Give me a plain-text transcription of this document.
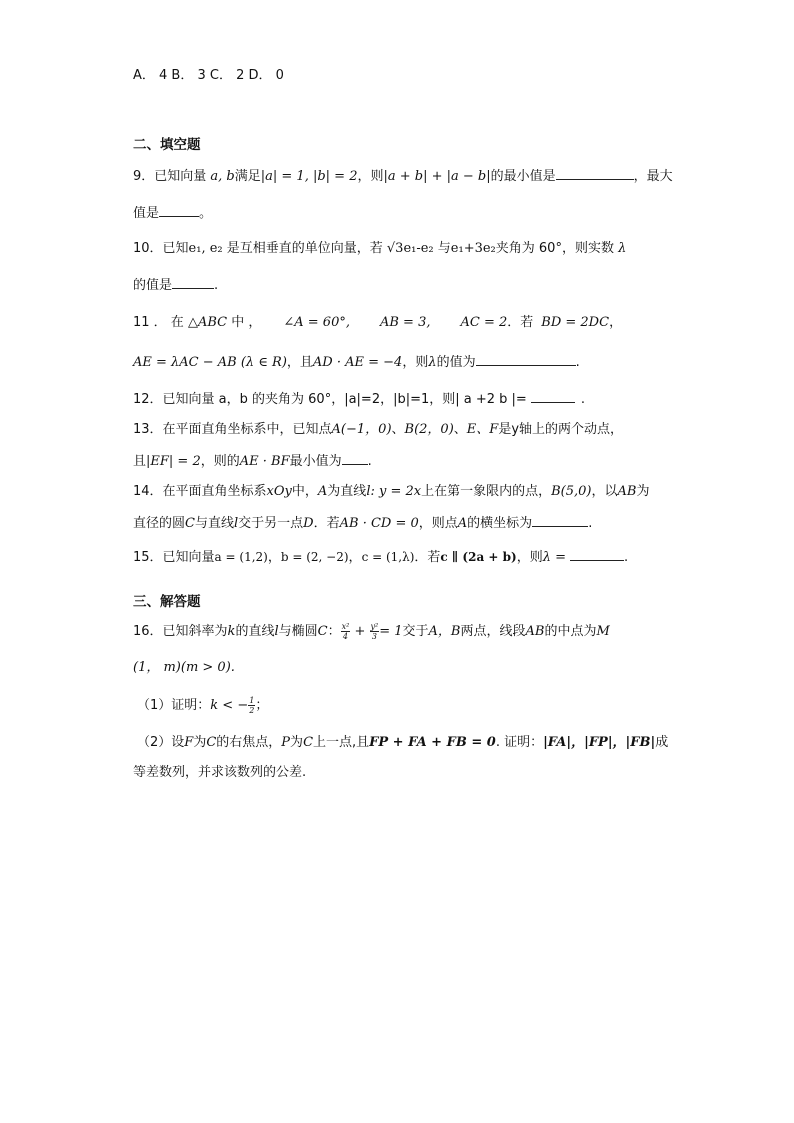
A． 4 B． 3 C． 2 D． 0
二、填空题
9．已知向量 a, b满足|a| = 1, |b| = 2，则|a + b| + |a − b|的最小值是	，最大
值是	。
10．已知e₁, e₂ 是互相垂直的单位向量，若 √3e₁-e₂ 与e₁+3e₂夹角为 60°，则实数 λ
的值是	.
11 ． 在 △ABC 中 ， ∠A = 60°, AB = 3, AC = 2．若 BD = 2DC，
AE = λAC − AB (λ ∈ R)，且AD · AE = −4，则λ的值为	.
12．已知向量 a，b 的夹角为 60°，|a|=2，|b|=1，则| a +2 b |=	.
13．在平面直角坐标系中，已知点A(−1，0)、B(2，0)、E、F是y轴上的两个动点，
且|EF| = 2，则的AE · BF最小值为 .
14．在平面直角坐标系xOy中，A为直线l: y = 2x上在第一象限内的点，B(5,0)，以AB为
直径的圆C与直线l交于另一点D．若AB · CD = 0，则点A的横坐标为	.
15．已知向量a = (1,2)，b = (2, −2)，c = (1,λ)．若c ∥ (2a + b)，则λ =	.
三、解答题
16．已知斜率为k的直线l与椭圆C： $\frac{\text{x²}}{4} + \frac{\text{y²}}{3} = 1$交于A，B两点，线段AB的中点为M
(1， m)(m > 0).
（1）证明：k < − $\frac{1}{2}$ ；
（2）设F为C的右焦点，P为C上一点,且FP + FA + FB = 0. 证明：|FA|，|FP|，|FB|成
等差数列，并求该数列的公差.
